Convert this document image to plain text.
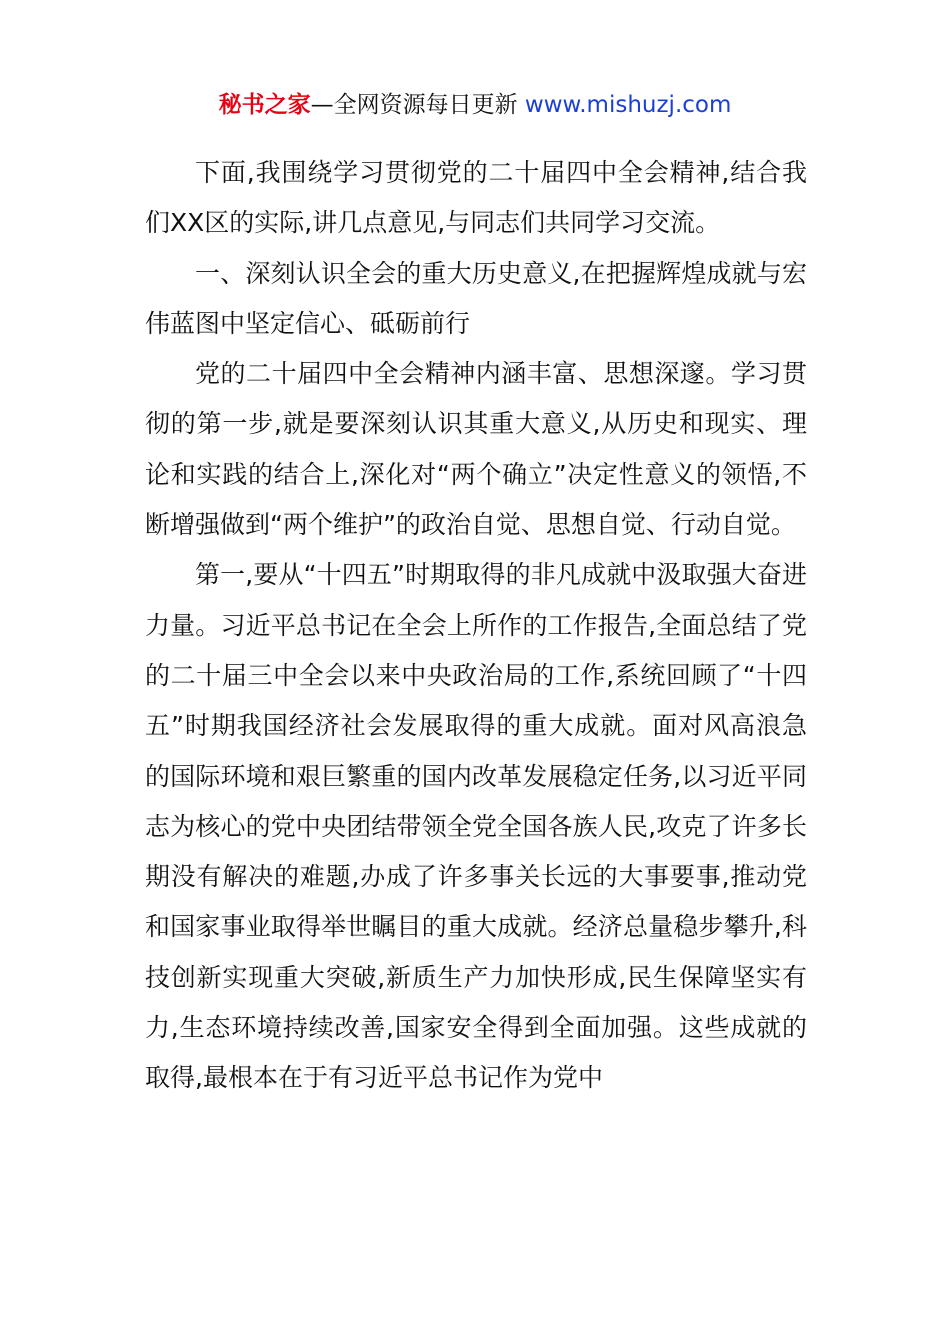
秘书之家—全网资源每日更新 www.mishuzj.com

下面,我围绕学习贯彻党的二十届四中全会精神,结合我们XX区的实际,讲几点意见,与同志们共同学习交流。

一、深刻认识全会的重大历史意义,在把握辉煌成就与宏伟蓝图中坚定信心、砥砺前行

党的二十届四中全会精神内涵丰富、思想深邃。学习贯彻的第一步,就是要深刻认识其重大意义,从历史和现实、理论和实践的结合上,深化对“两个确立”决定性意义的领悟,不断增强做到“两个维护”的政治自觉、思想自觉、行动自觉。

第一,要从“十四五”时期取得的非凡成就中汲取强大奋进力量。习近平总书记在全会上所作的工作报告,全面总结了党的二十届三中全会以来中央政治局的工作,系统回顾了“十四五”时期我国经济社会发展取得的重大成就。面对风高浪急的国际环境和艰巨繁重的国内改革发展稳定任务,以习近平同志为核心的党中央团结带领全党全国各族人民,攻克了许多长期没有解决的难题,办成了许多事关长远的大事要事,推动党和国家事业取得举世瞩目的重大成就。经济总量稳步攀升,科技创新实现重大突破,新质生产力加快形成,民生保障坚实有力,生态环境持续改善,国家安全得到全面加强。这些成就的取得,最根本在于有习近平总书记作为党中
